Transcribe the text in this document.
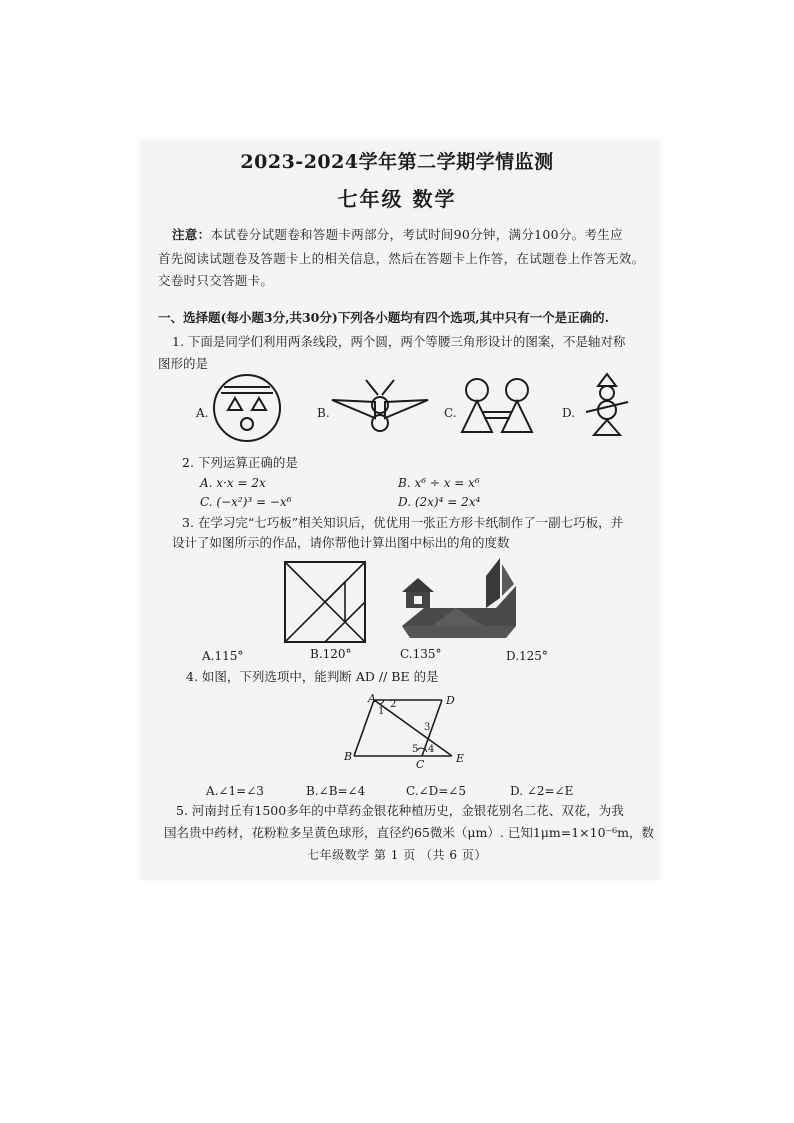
2023-2024学年第二学期学情监测
七年级 数学
注意：本试卷分试题卷和答题卡两部分，考试时间90分钟，满分100分。考生应
首先阅读试题卷及答题卡上的相关信息，然后在答题卡上作答，在试题卷上作答无效。
交卷时只交答题卡。
一、选择题(每小题3分,共30分)下列各小题均有四个选项,其中只有一个是正确的.
1. 下面是同学们利用两条线段，两个圆，两个等腰三角形设计的图案，不是轴对称
图形的是
A.	B.	C.	D.
2. 下列运算正确的是
A. x·x = 2x	B. x⁶ ÷ x = x⁶
C. (−x²)³ = −x⁶	D. (2x)⁴ = 2x⁴
3. 在学习完“七巧板”相关知识后，优优用一张正方形卡纸制作了一副七巧板，并
设计了如图所示的作品，请你帮他计算出图中标出的角的度数
A.115°	B.120°	C.135°	D.125°
4. 如图，下列选项中，能判断 AD // BE 的是
A	D
B
C	E
1
2
3
4
5
A.∠1=∠3	B.∠B=∠4	C.∠D=∠5	D. ∠2=∠E
5. 河南封丘有1500多年的中草药金银花种植历史，金银花别名二花、双花，为我
国名贵中药材，花粉粒多呈黄色球形，直径约65微米（μm）. 已知1μm=1×10⁻⁶m，数
七年级数学 第 1 页 （共 6 页）
